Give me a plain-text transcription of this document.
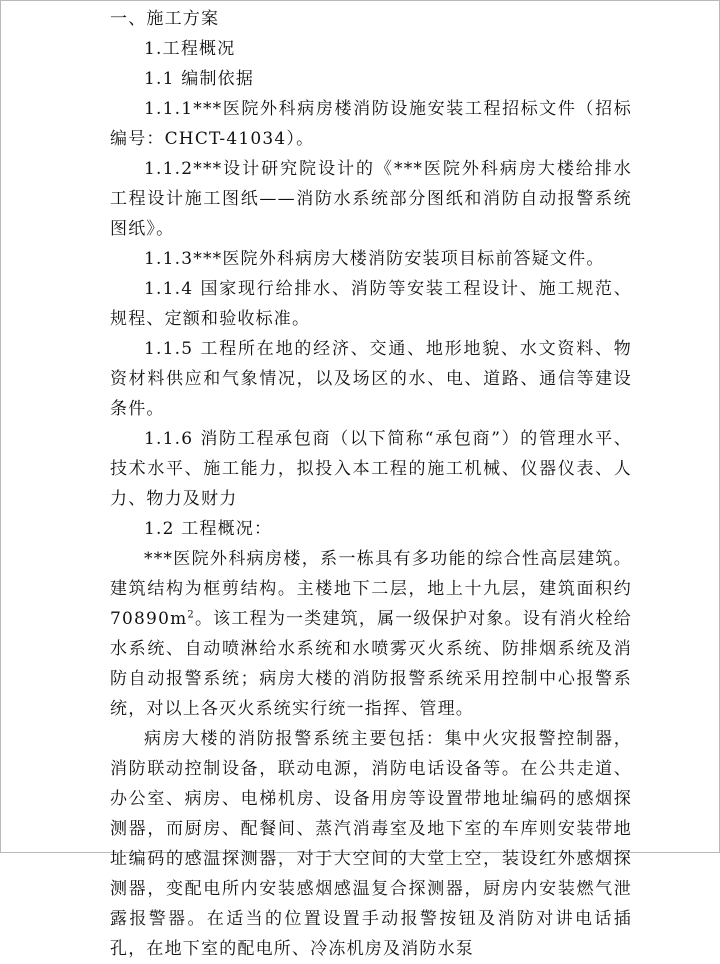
一、施工方案

1.工程概况

1.1 编制依据

1.1.1***医院外科病房楼消防设施安装工程招标文件（招标编号：CHCT-41034）。

1.1.2***设计研究院设计的《***医院外科病房大楼给排水工程设计施工图纸——消防水系统部分图纸和消防自动报警系统图纸》。

1.1.3***医院外科病房大楼消防安装项目标前答疑文件。

1.1.4 国家现行给排水、消防等安装工程设计、施工规范、规程、定额和验收标准。

1.1.5 工程所在地的经济、交通、地形地貌、水文资料、物资材料供应和气象情况，以及场区的水、电、道路、通信等建设条件。

1.1.6 消防工程承包商（以下简称“承包商”）的管理水平、技术水平、施工能力，拟投入本工程的施工机械、仪器仪表、人力、物力及财力

1.2 工程概况：

***医院外科病房楼，系一栋具有多功能的综合性高层建筑。建筑结构为框剪结构。主楼地下二层，地上十九层，建筑面积约 $70890m^2$。该工程为一类建筑，属一级保护对象。设有消火栓给水系统、自动喷淋给水系统和水喷雾灭火系统、防排烟系统及消防自动报警系统；病房大楼的消防报警系统采用控制中心报警系统，对以上各灭火系统实行统一指挥、管理。

病房大楼的消防报警系统主要包括：集中火灾报警控制器，消防联动控制设备，联动电源，消防电话设备等。在公共走道、办公室、病房、电梯机房、设备用房等设置带地址编码的感烟探测器，而厨房、配餐间、蒸汽消毒室及地下室的车库则安装带地址编码的感温探测器，对于大空间的大堂上空，装设红外感烟探测器，变配电所内安装感烟感温复合探测器，厨房内安装燃气泄露报警器。在适当的位置设置手动报警按钮及消防对讲电话插孔，在地下室的配电所、冷冻机房及消防水泵
